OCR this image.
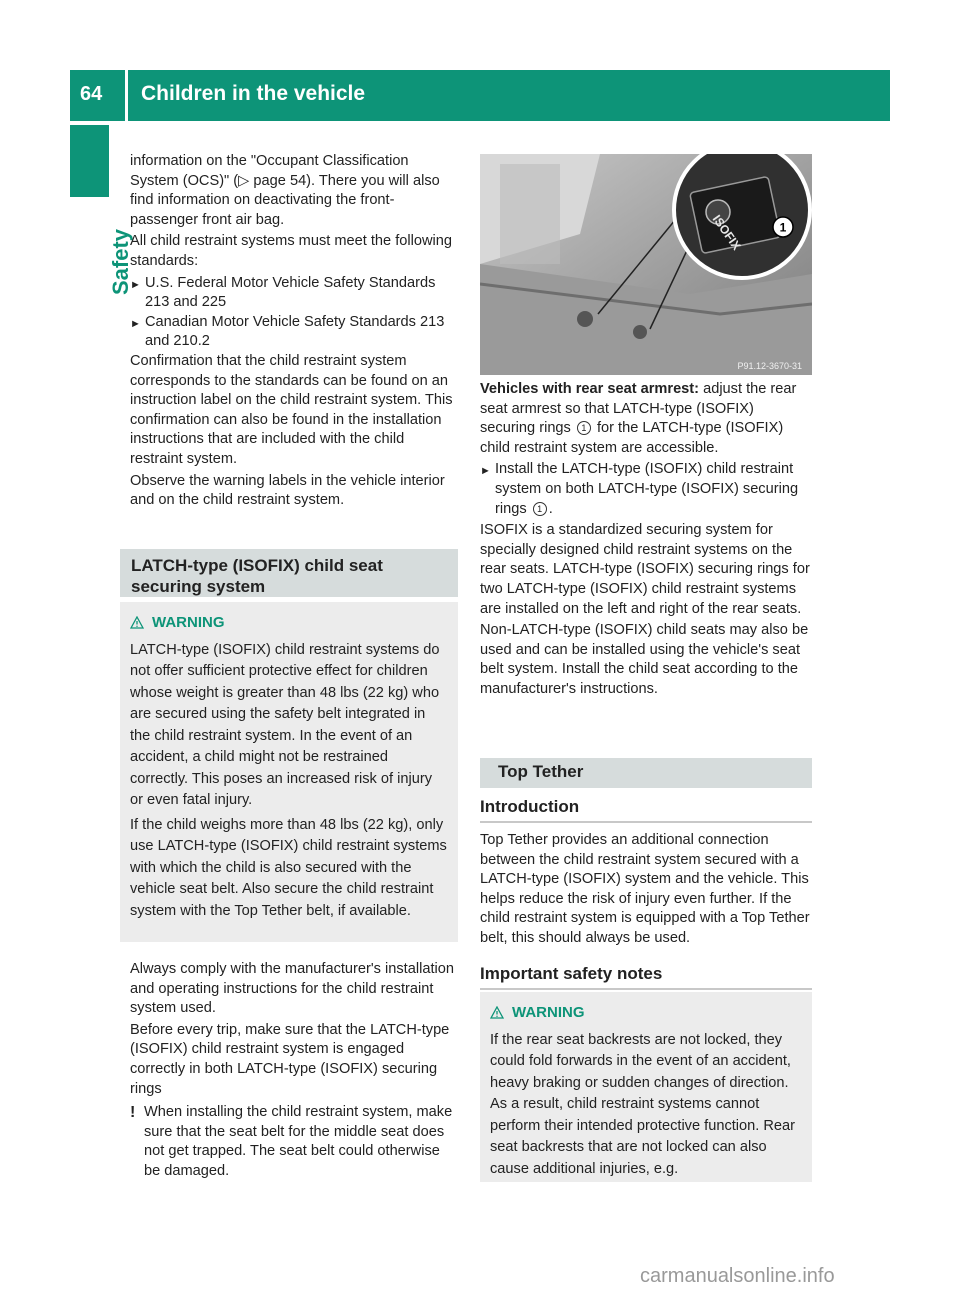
64	Children in the vehicle
Safety

information on the "Occupant Classification System (OCS)" (▷ page 54). There you will also find information on deactivating the front-passenger front air bag.

All child restraint systems must meet the following standards:

► U.S. Federal Motor Vehicle Safety Standards 213 and 225
► Canadian Motor Vehicle Safety Standards 213 and 210.2

Confirmation that the child restraint system corresponds to the standards can be found on an instruction label on the child restraint system. This confirmation can also be found in the installation instructions that are included with the child restraint system.

Observe the warning labels in the vehicle interior and on the child restraint system.

LATCH-type (ISOFIX) child seat securing system
WARNING
LATCH-type (ISOFIX) child restraint systems do not offer sufficient protective effect for children whose weight is greater than 48 lbs (22 kg) who are secured using the safety belt integrated in the child restraint system. In the event of an accident, a child might not be restrained correctly. This poses an increased risk of injury or even fatal injury.
If the child weighs more than 48 lbs (22 kg), only use LATCH-type (ISOFIX) child restraint systems with which the child is also secured with the vehicle seat belt. Also secure the child restraint system with the Top Tether belt, if available.

Always comply with the manufacturer's installation and operating instructions for the child restraint system used.

Before every trip, make sure that the LATCH-type (ISOFIX) child restraint system is engaged correctly in both LATCH-type (ISOFIX) securing rings

! When installing the child restraint system, make sure that the seat belt for the middle seat does not get trapped. The seat belt could otherwise be damaged.
ISOFIX	1
P91.12-3670-31

Vehicles with rear seat armrest: adjust the rear seat armrest so that LATCH-type (ISOFIX) securing rings 1 for the LATCH-type (ISOFIX) child restraint system are accessible.

► Install the LATCH-type (ISOFIX) child restraint system on both LATCH-type (ISOFIX) securing rings 1 .

ISOFIX is a standardized securing system for specially designed child restraint systems on the rear seats. LATCH-type (ISOFIX) securing rings for two LATCH-type (ISOFIX) child restraint systems are installed on the left and right of the rear seats.

Non-LATCH-type (ISOFIX) child seats may also be used and can be installed using the vehicle's seat belt system. Install the child seat according to the manufacturer's instructions.

Top Tether
Introduction

Top Tether provides an additional connection between the child restraint system secured with a LATCH-type (ISOFIX) system and the vehicle. This helps reduce the risk of injury even further. If the child restraint system is equipped with a Top Tether belt, this should always be used.

Important safety notes
WARNING
If the rear seat backrests are not locked, they could fold forwards in the event of an accident, heavy braking or sudden changes of direction. As a result, child restraint systems cannot perform their intended protective function. Rear seat backrests that are not locked can also cause additional injuries, e.g.
carmanualsonline.info
